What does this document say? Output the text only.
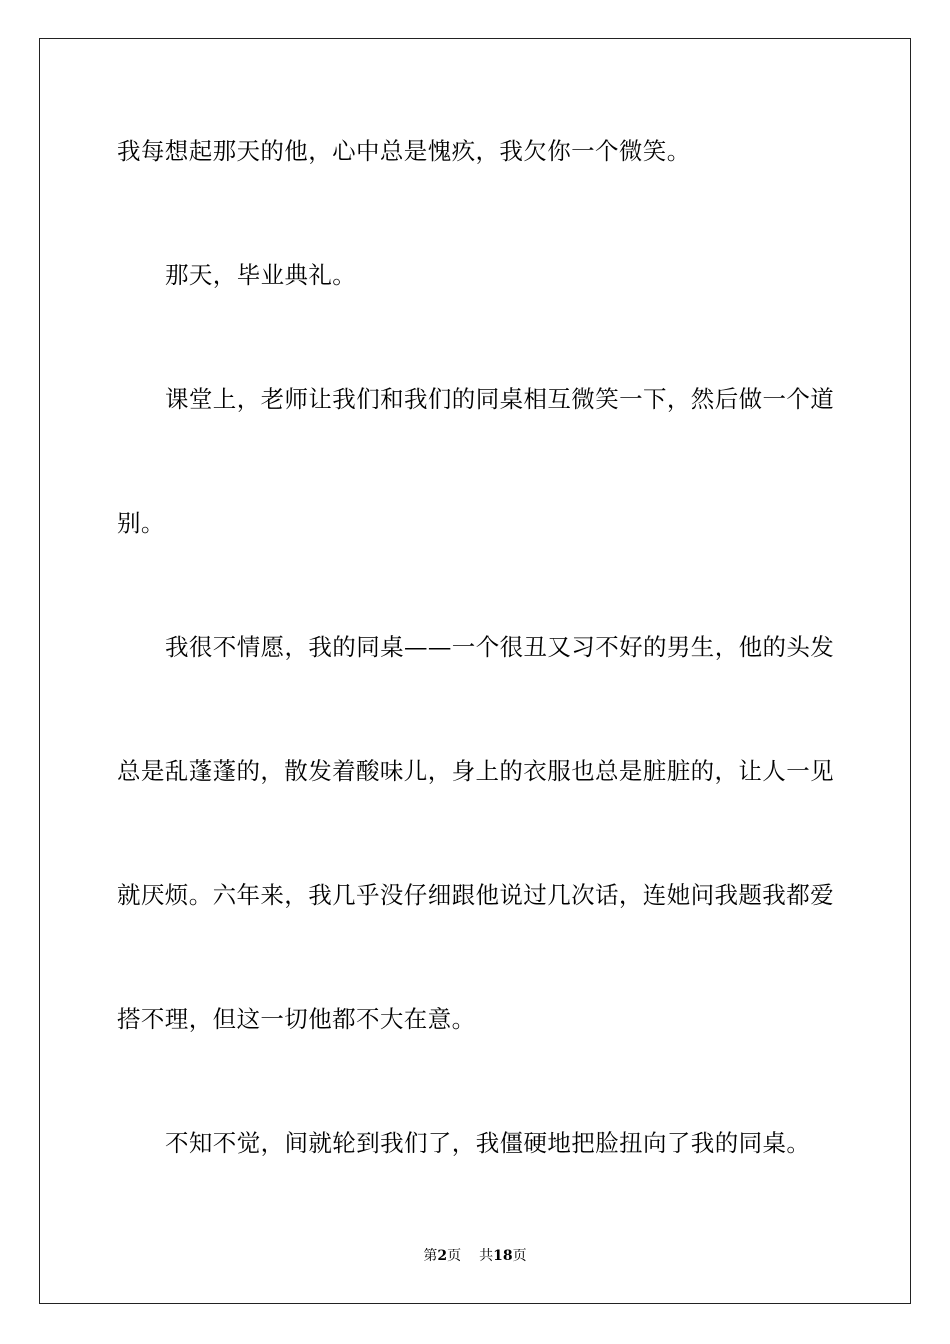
我每想起那天的他，心中总是愧疚，我欠你一个微笑。
那天，毕业典礼。
课堂上，老师让我们和我们的同桌相互微笑一下，然后做一个道
别。
我很不情愿，我的同桌——一个很丑又习不好的男生，他的头发
总是乱蓬蓬的，散发着酸味儿，身上的衣服也总是脏脏的，让人一见
就厌烦。六年来，我几乎没仔细跟他说过几次话，连她问我题我都爱
搭不理，但这一切他都不大在意。
不知不觉，间就轮到我们了，我僵硬地把脸扭向了我的同桌。
第2页 共18页
